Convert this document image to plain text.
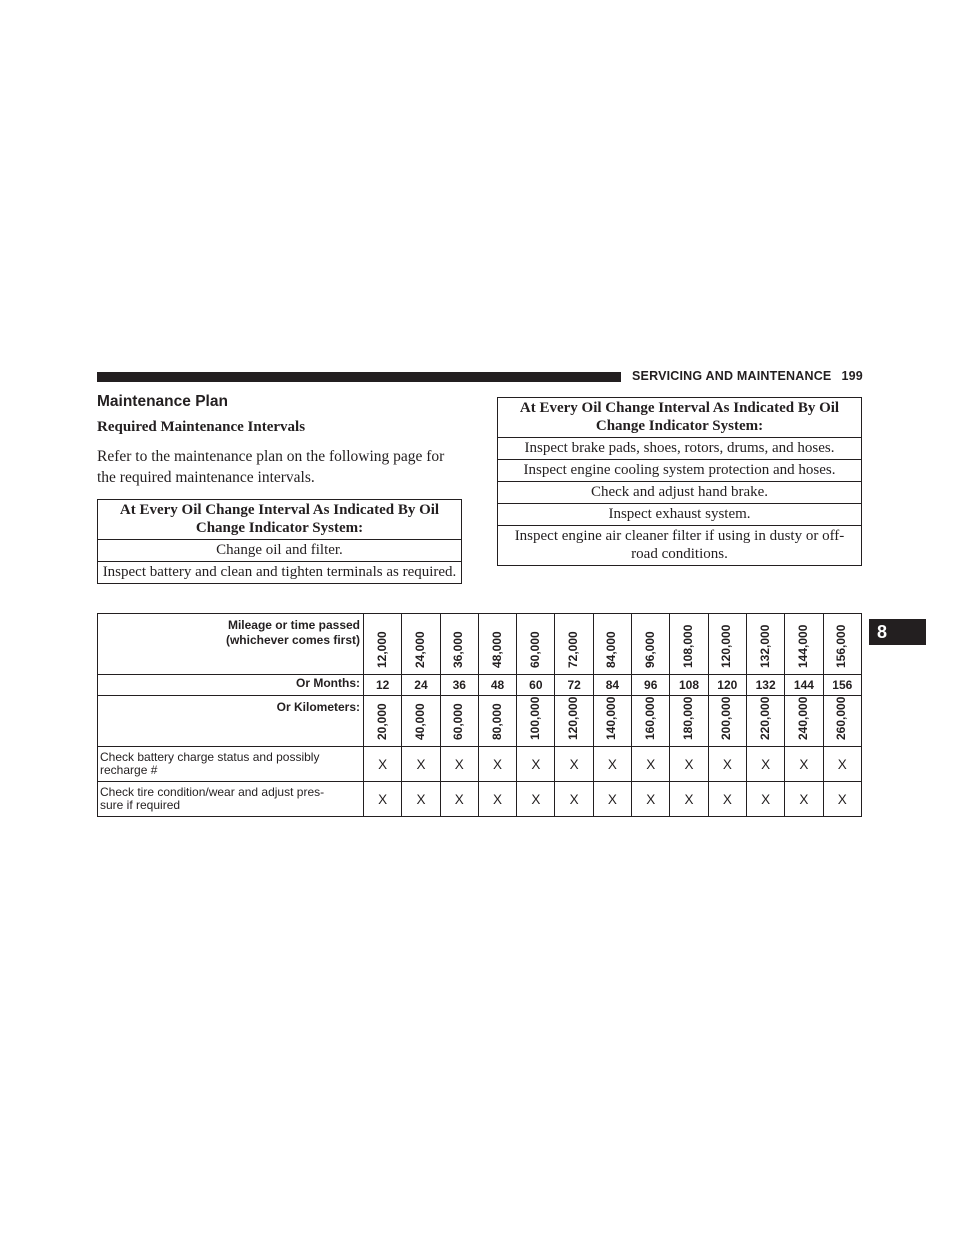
SERVICING AND MAINTENANCE 199
Maintenance Plan
Required Maintenance Intervals
Refer to the maintenance plan on the following page for the required maintenance intervals.
At Every Oil Change Interval As Indicated By Oil Change Indicator System:
Change oil and filter.
Inspect battery and clean and tighten terminals as required.
At Every Oil Change Interval As Indicated By Oil Change Indicator System:
Inspect brake pads, shoes, rotors, drums, and hoses.
Inspect engine cooling system protection and hoses.
Check and adjust hand brake.
Inspect exhaust system.
Inspect engine air cleaner filter if using in dusty or off-road conditions.
8
Mileage or time passed
(whichever comes first)	12,000	24,000	36,000	48,000	60,000	72,000	84,000	96,000	108,000	120,000	132,000	144,000	156,000

Or Months:	12	24	36	48	60	72	84	96	108	120	132	144	156
Or Kilometers:	20,000	40,000	60,000	80,000	100,000	120,000	140,000	160,000	180,000	200,000	220,000	240,000	260,000

Check battery charge status and possibly
recharge #	X	X	X	X	X	X	X	X	X	X	X	X	X
Check tire condition/wear and adjust pres-
sure if required	X	X	X	X	X	X	X	X	X	X	X	X	X
